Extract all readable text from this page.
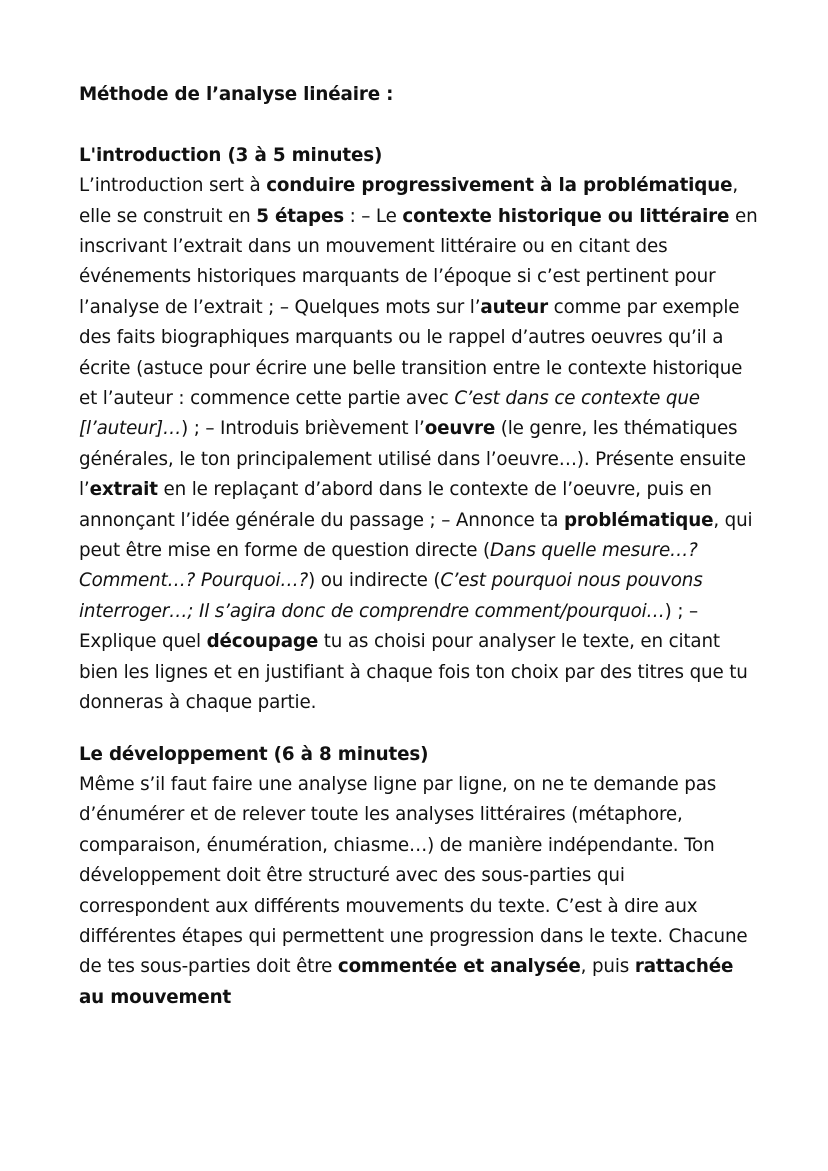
Méthode de l’analyse linéaire :

L'introduction (3 à 5 minutes)

L’introduction sert à conduire progressivement à la problématique, elle se construit en 5 étapes : – Le contexte historique ou littéraire en inscrivant l’extrait dans un mouvement littéraire ou en citant des événements historiques marquants de l’époque si c’est pertinent pour l’analyse de l’extrait ; – Quelques mots sur l’auteur comme par exemple des faits biographiques marquants ou le rappel d’autres oeuvres qu’il a écrite (astuce pour écrire une belle transition entre le contexte historique et l’auteur : commence cette partie avec C’est dans ce contexte que [l’auteur]…) ; – Introduis brièvement l’oeuvre (le genre, les thématiques générales, le ton principalement utilisé dans l’oeuvre…). Présente ensuite l’extrait en le replaçant d’abord dans le contexte de l’oeuvre, puis en annonçant l’idée générale du passage ; – Annonce ta problématique, qui peut être mise en forme de question directe (Dans quelle mesure…? Comment…? Pourquoi…?) ou indirecte (C’est pourquoi nous pouvons interroger…; Il s’agira donc de comprendre comment/pourquoi…) ; – Explique quel découpage tu as choisi pour analyser le texte, en citant bien les lignes et en justifiant à chaque fois ton choix par des titres que tu donneras à chaque partie.

Le développement (6 à 8 minutes)

Même s’il faut faire une analyse ligne par ligne, on ne te demande pas d’énumérer et de relever toute les analyses littéraires (métaphore, comparaison, énumération, chiasme…) de manière indépendante. Ton développement doit être structuré avec des sous-parties qui correspondent aux différents mouvements du texte. C’est à dire aux différentes étapes qui permettent une progression dans le texte. Chacune de tes sous-parties doit être commentée et analysée, puis rattachée au mouvement
